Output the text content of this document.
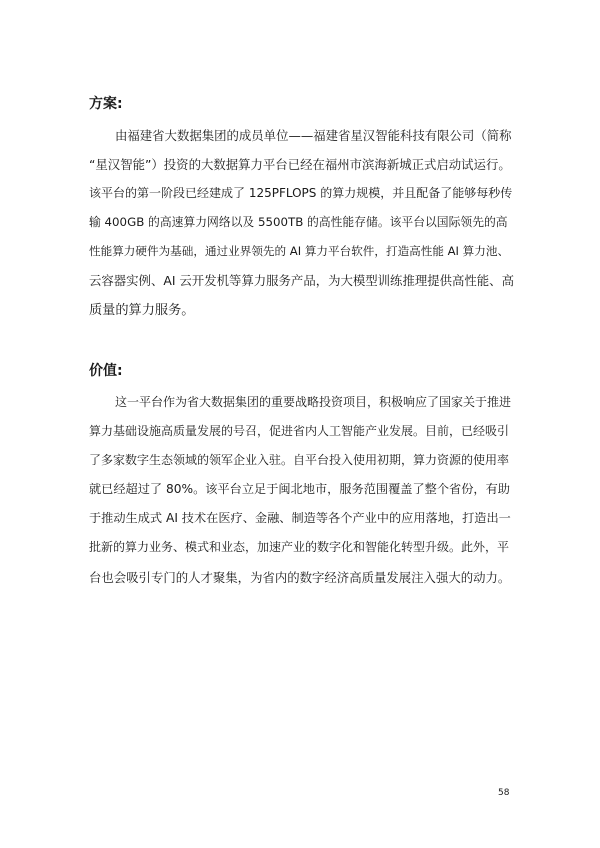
方案:
由福建省大数据集团的成员单位——福建省星汉智能科技有限公司（简称
“星汉智能”）投资的大数据算力平台已经在福州市滨海新城正式启动试运行。
该平台的第一阶段已经建成了 125PFLOPS 的算力规模，并且配备了能够每秒传
输 400GB 的高速算力网络以及 5500TB 的高性能存储。该平台以国际领先的高
性能算力硬件为基础，通过业界领先的 AI 算力平台软件，打造高性能 AI 算力池、
云容器实例、AI 云开发机等算力服务产品，为大模型训练推理提供高性能、高
质量的算力服务。
价值:
这一平台作为省大数据集团的重要战略投资项目，积极响应了国家关于推进
算力基础设施高质量发展的号召，促进省内人工智能产业发展。目前，已经吸引
了多家数字生态领域的领军企业入驻。自平台投入使用初期，算力资源的使用率
就已经超过了 80%。该平台立足于闽北地市，服务范围覆盖了整个省份，有助
于推动生成式 AI 技术在医疗、金融、制造等各个产业中的应用落地，打造出一
批新的算力业务、模式和业态，加速产业的数字化和智能化转型升级。此外，平
台也会吸引专门的人才聚集，为省内的数字经济高质量发展注入强大的动力。
58
